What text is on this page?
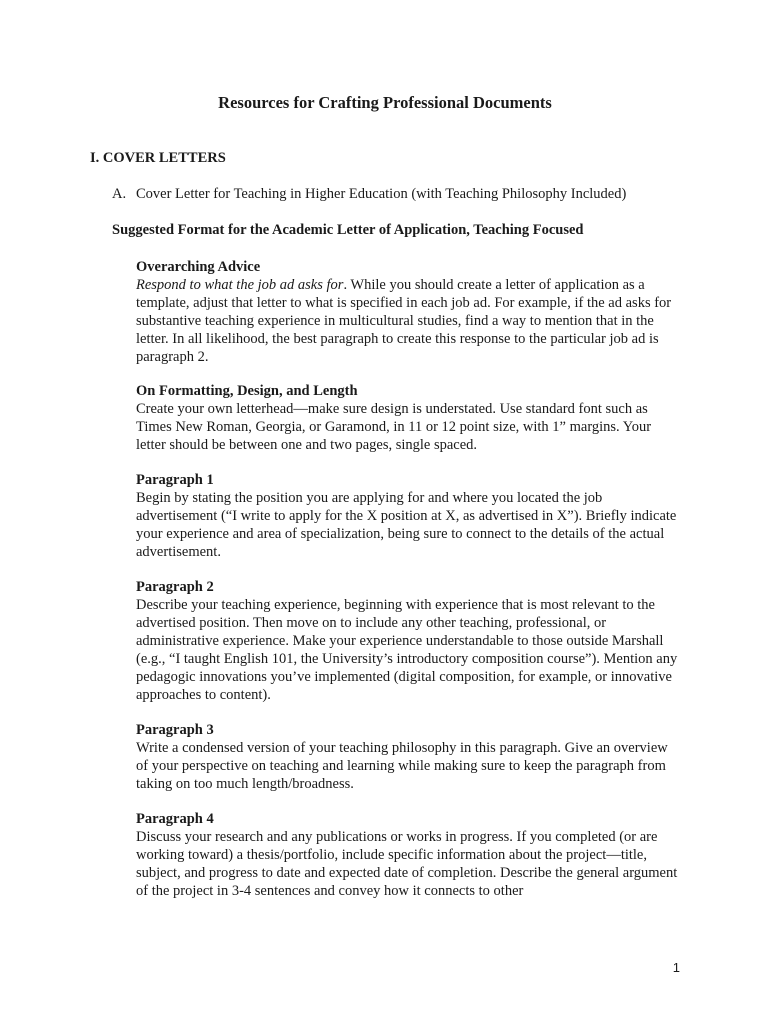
Resources for Crafting Professional Documents
I. COVER LETTERS

A. Cover Letter for Teaching in Higher Education (with Teaching Philosophy Included)

Suggested Format for the Academic Letter of Application, Teaching Focused

Overarching Advice

Respond to what the job ad asks for. While you should create a letter of application as a template, adjust that letter to what is specified in each job ad. For example, if the ad asks for substantive teaching experience in multicultural studies, find a way to mention that in the letter. In all likelihood, the best paragraph to create this response to the particular job ad is paragraph 2.

On Formatting, Design, and Length

Create your own letterhead—make sure design is understated. Use standard font such as Times New Roman, Georgia, or Garamond, in 11 or 12 point size, with 1” margins. Your letter should be between one and two pages, single spaced.

Paragraph 1

Begin by stating the position you are applying for and where you located the job advertisement (“I write to apply for the X position at X, as advertised in X”). Briefly indicate your experience and area of specialization, being sure to connect to the details of the actual advertisement.

Paragraph 2

Describe your teaching experience, beginning with experience that is most relevant to the advertised position. Then move on to include any other teaching, professional, or administrative experience. Make your experience understandable to those outside Marshall (e.g., “I taught English 101, the University’s introductory composition course”). Mention any pedagogic innovations you’ve implemented (digital composition, for example, or innovative approaches to content).

Paragraph 3

Write a condensed version of your teaching philosophy in this paragraph. Give an overview of your perspective on teaching and learning while making sure to keep the paragraph from taking on too much length/broadness.

Paragraph 4

Discuss your research and any publications or works in progress. If you completed (or are working toward) a thesis/portfolio, include specific information about the project—title, subject, and progress to date and expected date of completion. Describe the general argument of the project in 3-4 sentences and convey how it connects to other

1
